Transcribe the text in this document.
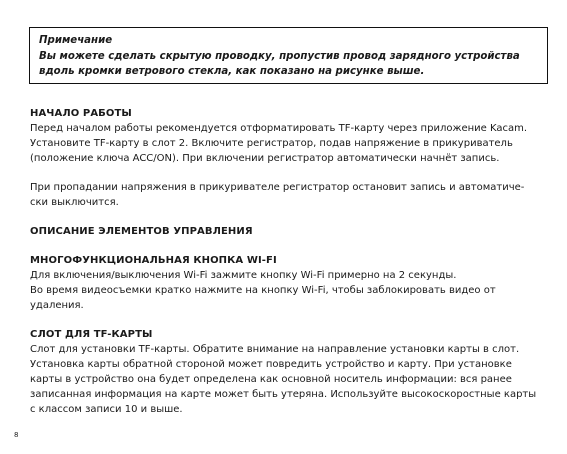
Примечание
Вы можете сделать скрытую проводку, пропустив провод зарядного устройства вдоль кромки ветрового стекла, как показано на рисунке выше.
НАЧАЛО РАБОТЫ

Перед началом работы рекомендуется отформатировать TF-карту через приложение Kacam.

Установите TF-карту в слот 2. Включите регистратор, подав напряжение в прикуриватель

(положение ключа ACC/ON). При включении регистратор автоматически начнёт запись.

При пропадании напряжения в прикуривателе регистратор остановит запись и автоматиче-

ски выключится.

ОПИСАНИЕ ЭЛЕМЕНТОВ УПРАВЛЕНИЯ
МНОГОФУНКЦИОНАЛЬНАЯ КНОПКА WI-FI

Для включения/выключения Wi-Fi зажмите кнопку Wi-Fi примерно на 2 секунды.

Во время видеосъемки кратко нажмите на кнопку Wi-Fi, чтобы заблокировать видео от

удаления.

СЛОТ ДЛЯ TF-КАРТЫ

Слот для установки TF-карты. Обратите внимание на направление установки карты в слот.

Установка карты обратной стороной может повредить устройство и карту. При установке

карты в устройство она будет определена как основной носитель информации: вся ранее

записанная информация на карте может быть утеряна. Используйте высокоскоростные карты

с классом записи 10 и выше.

8
